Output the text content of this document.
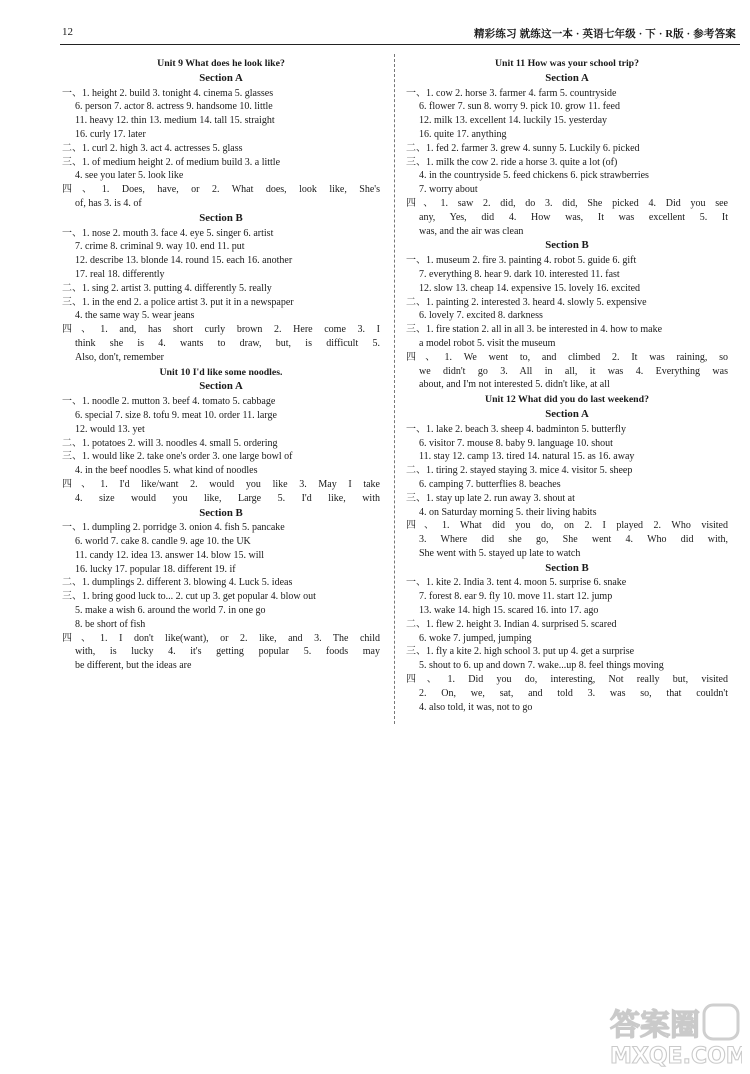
12	精彩练习 就练这一本 · 英语七年级 · 下 · R版 · 参考答案
Unit 9 What does he look like?
Section A
一、1. height 2. build 3. tonight 4. cinema 5. glasses
6. person 7. actor 8. actress 9. handsome 10. little
11. heavy 12. thin 13. medium 14. tall 15. straight
16. curly 17. later
二、1. curl 2. high 3. act 4. actresses 5. glass
三、1. of medium height 2. of medium build 3. a little
4. see you later 5. look like
四、1. Does, have, or 2. What does, look like, She's
of, has 3. is 4. of
Section B
一、1. nose 2. mouth 3. face 4. eye 5. singer 6. artist
7. crime 8. criminal 9. way 10. end 11. put
12. describe 13. blonde 14. round 15. each 16. another
17. real 18. differently
二、1. sing 2. artist 3. putting 4. differently 5. really
三、1. in the end 2. a police artist 3. put it in a newspaper
4. the same way 5. wear jeans
四、1. and, has short curly brown 2. Here come 3. I
think she is 4. wants to draw, but, is difficult 5.
Also, don't, remember
Unit 10 I'd like some noodles.
Section A
一、1. noodle 2. mutton 3. beef 4. tomato 5. cabbage
6. special 7. size 8. tofu 9. meat 10. order 11. large
12. would 13. yet
二、1. potatoes 2. will 3. noodles 4. small 5. ordering
三、1. would like 2. take one's order 3. one large bowl of
4. in the beef noodles 5. what kind of noodles
四、1. I'd like/want 2. would you like 3. May I take
4. size would you like, Large 5. I'd like, with
Section B
一、1. dumpling 2. porridge 3. onion 4. fish 5. pancake
6. world 7. cake 8. candle 9. age 10. the UK
11. candy 12. idea 13. answer 14. blow 15. will
16. lucky 17. popular 18. different 19. if
二、1. dumplings 2. different 3. blowing 4. Luck 5. ideas
三、1. bring good luck to... 2. cut up 3. get popular 4. blow out
5. make a wish 6. around the world 7. in one go
8. be short of fish
四、1. I don't like(want), or 2. like, and 3. The child
with, is lucky 4. it's getting popular 5. foods may
be different, but the ideas are
Unit 11 How was your school trip?
Section A
一、1. cow 2. horse 3. farmer 4. farm 5. countryside
6. flower 7. sun 8. worry 9. pick 10. grow 11. feed
12. milk 13. excellent 14. luckily 15. yesterday
16. quite 17. anything
二、1. fed 2. farmer 3. grew 4. sunny 5. Luckily 6. picked
三、1. milk the cow 2. ride a horse 3. quite a lot (of)
4. in the countryside 5. feed chickens 6. pick strawberries
7. worry about
四、1. saw 2. did, do 3. did, She picked 4. Did you see
any, Yes, did 4. How was, It was excellent 5. It
was, and the air was clean
Section B
一、1. museum 2. fire 3. painting 4. robot 5. guide 6. gift
7. everything 8. hear 9. dark 10. interested 11. fast
12. slow 13. cheap 14. expensive 15. lovely 16. excited
二、1. painting 2. interested 3. heard 4. slowly 5. expensive
6. lovely 7. excited 8. darkness
三、1. fire station 2. all in all 3. be interested in 4. how to make
a model robot 5. visit the museum
四、1. We went to, and climbed 2. It was raining, so
we didn't go 3. All in all, it was 4. Everything was
about, and I'm not interested 5. didn't like, at all
Unit 12 What did you do last weekend?
Section A
一、1. lake 2. beach 3. sheep 4. badminton 5. butterfly
6. visitor 7. mouse 8. baby 9. language 10. shout
11. stay 12. camp 13. tired 14. natural 15. as 16. away
二、1. tiring 2. stayed staying 3. mice 4. visitor 5. sheep
6. camping 7. butterflies 8. beaches
三、1. stay up late 2. run away 3. shout at
4. on Saturday morning 5. their living habits
四、1. What did you do, on 2. I played 2. Who visited
3. Where did she go, She went 4. Who did with,
She went with 5. stayed up late to watch
Section B
一、1. kite 2. India 3. tent 4. moon 5. surprise 6. snake
7. forest 8. ear 9. fly 10. move 11. start 12. jump
13. wake 14. high 15. scared 16. into 17. ago
二、1. flew 2. height 3. Indian 4. surprised 5. scared
6. woke 7. jumped, jumping
三、1. fly a kite 2. high school 3. put up 4. get a surprise
5. shout to 6. up and down 7. wake...up 8. feel things moving
四、1. Did you do, interesting, Not really but, visited
2. On, we, sat, and told 3. was so, that couldn't
4. also told, it was, not to go
答案圈
MXQE.COM
